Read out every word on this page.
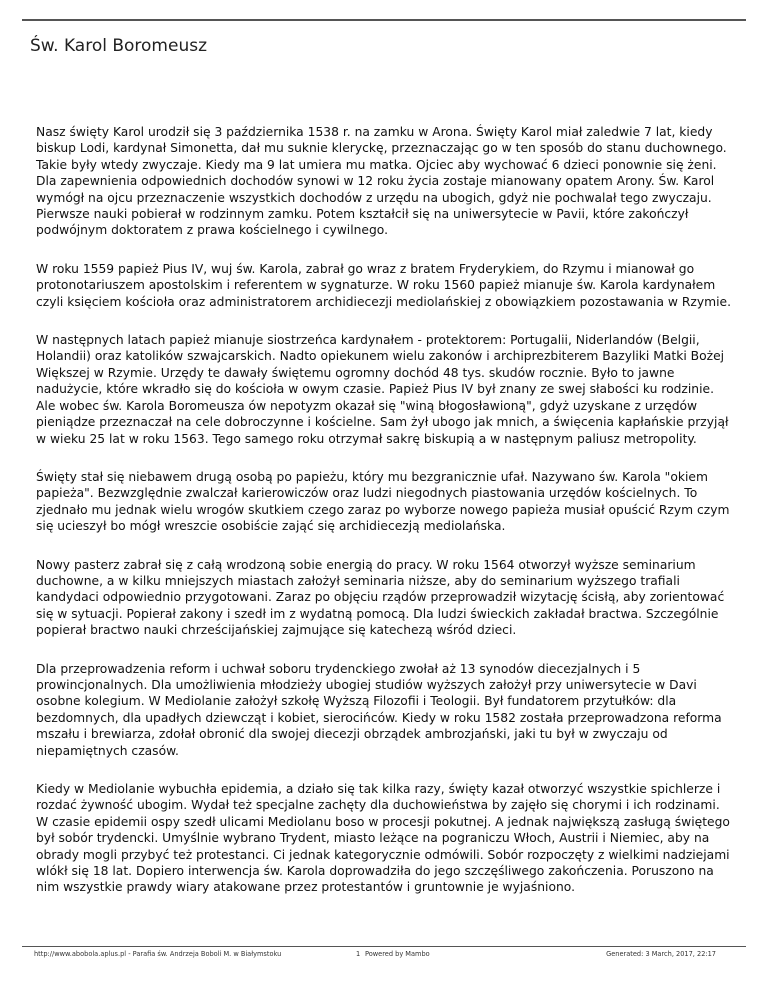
Św. Karol Boromeusz

Nasz święty Karol urodził się 3 października 1538 r. na zamku w Arona. Święty Karol miał zaledwie 7 lat, kiedy biskup Lodi, kardynał Simonetta, dał mu suknie kleryckę, przeznaczając go w ten sposób do stanu duchownego. Takie były wtedy zwyczaje. Kiedy ma 9 lat umiera mu matka. Ojciec aby wychować 6 dzieci ponownie się żeni. Dla zapewnienia odpowiednich dochodów synowi w 12 roku życia zostaje mianowany opatem Arony. Św. Karol wymógł na ojcu przeznaczenie wszystkich dochodów z urzędu na ubogich, gdyż nie pochwalał tego zwyczaju. Pierwsze nauki pobierał w rodzinnym zamku. Potem kształcił się na uniwersytecie w Pavii, które zakończył podwójnym doktoratem z prawa kościelnego i cywilnego.

W roku 1559 papież Pius IV, wuj św. Karola, zabrał go wraz z bratem Fryderykiem, do Rzymu i mianował go protonotariuszem apostolskim i referentem w sygnaturze. W roku 1560 papież mianuje św. Karola kardynałem czyli księciem kościoła oraz administratorem archidiecezji mediolańskiej z obowiązkiem pozostawania w Rzymie.

W następnych latach papież mianuje siostrzeńca kardynałem - protektorem: Portugalii, Niderlandów (Belgii, Holandii) oraz katolików szwajcarskich. Nadto opiekunem wielu zakonów i archiprezbiterem Bazyliki Matki Bożej Większej w Rzymie. Urzędy te dawały świętemu ogromny dochód 48 tys. skudów rocznie. Było to jawne nadużycie, które wkradło się do kościoła w owym czasie. Papież Pius IV był znany ze swej słabości ku rodzinie. Ale wobec św. Karola Boromeusza ów nepotyzm okazał się "winą błogosławioną", gdyż uzyskane z urzędów pieniądze przeznaczał na cele dobroczynne i kościelne. Sam żył ubogo jak mnich, a święcenia kapłańskie przyjął w wieku 25 lat w roku 1563. Tego samego roku otrzymał sakrę biskupią a w następnym paliusz metropolity.

Święty stał się niebawem drugą osobą po papieżu, który mu bezgranicznie ufał. Nazywano św. Karola "okiem papieża". Bezwzględnie zwalczał karierowiczów oraz ludzi niegodnych piastowania urzędów kościelnych. To zjednało mu jednak wielu wrogów skutkiem czego zaraz po wyborze nowego papieża musiał opuścić Rzym czym się ucieszył bo mógł wreszcie osobiście zająć się archidiecezją mediolańska.

Nowy pasterz zabrał się z całą wrodzoną sobie energią do pracy. W roku 1564 otworzył wyższe seminarium duchowne, a w kilku mniejszych miastach założył seminaria niższe, aby do seminarium wyższego trafiali kandydaci odpowiednio przygotowani. Zaraz po objęciu rządów przeprowadził wizytację ścisłą, aby zorientować się w sytuacji. Popierał zakony i szedł im z wydatną pomocą. Dla ludzi świeckich zakładał bractwa. Szczególnie popierał bractwo nauki chrześcijańskiej zajmujące się katechezą wśród dzieci.

Dla przeprowadzenia reform i uchwał soboru trydenckiego zwołał aż 13 synodów diecezjalnych i 5 prowincjonalnych. Dla umożliwienia młodzieży ubogiej studiów wyższych założył przy uniwersytecie w Davi osobne kolegium. W Mediolanie założył szkołę Wyższą Filozofii i Teologii. Był fundatorem przytułków: dla bezdomnych, dla upadłych dziewcząt i kobiet, sierocińców. Kiedy w roku 1582 została przeprowadzona reforma mszału i brewiarza, zdołał obronić dla swojej diecezji obrządek ambrozjański, jaki tu był w zwyczaju od niepamiętnych czasów.

Kiedy w Mediolanie wybuchła epidemia, a działo się tak kilka razy, święty kazał otworzyć wszystkie spichlerze i rozdać żywność ubogim. Wydał też specjalne zachęty dla duchowieństwa by zajęło się chorymi i ich rodzinami. W czasie epidemii ospy szedł ulicami Mediolanu boso w procesji pokutnej. A jednak największą zasługą świętego był sobór trydencki. Umyślnie wybrano Trydent, miasto leżące na pograniczu Włoch, Austrii i Niemiec, aby na obrady mogli przybyć też protestanci. Ci jednak kategorycznie odmówili. Sobór rozpoczęty z wielkimi nadziejami wlókł się 18 lat. Dopiero interwencja św. Karola doprowadziła do jego szczęśliwego zakończenia. Poruszono na nim wszystkie prawdy wiary atakowane przez protestantów i gruntownie je wyjaśniono.

http://www.abobola.aplus.pl - Parafia św. Andrzeja Boboli M. w Białymstoku	1 Powered by Mambo	Generated: 3 March, 2017, 22:17
